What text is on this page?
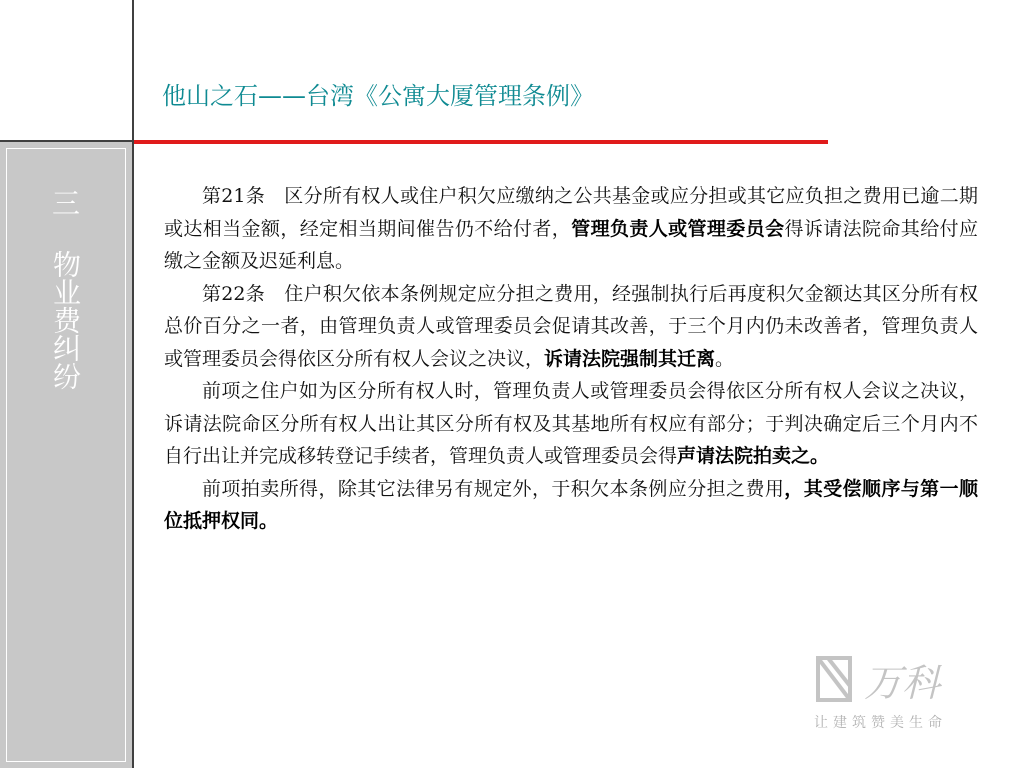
三
物业费纠纷
他山之石——台湾《公寓大厦管理条例》

第21条　区分所有权人或住户积欠应缴纳之公共基金或应分担或其它应负担之费用已逾二期或达相当金额，经定相当期间催告仍不给付者，管理负责人或管理委员会得诉请法院命其给付应缴之金额及迟延利息。

第22条　住户积欠依本条例规定应分担之费用，经强制执行后再度积欠金额达其区分所有权总价百分之一者，由管理负责人或管理委员会促请其改善，于三个月内仍未改善者，管理负责人或管理委员会得依区分所有权人会议之决议，诉请法院强制其迁离。

前项之住户如为区分所有权人时，管理负责人或管理委员会得依区分所有权人会议之决议，诉请法院命区分所有权人出让其区分所有权及其基地所有权应有部分；于判决确定后三个月内不自行出让并完成移转登记手续者，管理负责人或管理委员会得声请法院拍卖之。

前项拍卖所得，除其它法律另有规定外，于积欠本条例应分担之费用，其受偿顺序与第一顺位抵押权同。

万科
让建筑赞美生命
